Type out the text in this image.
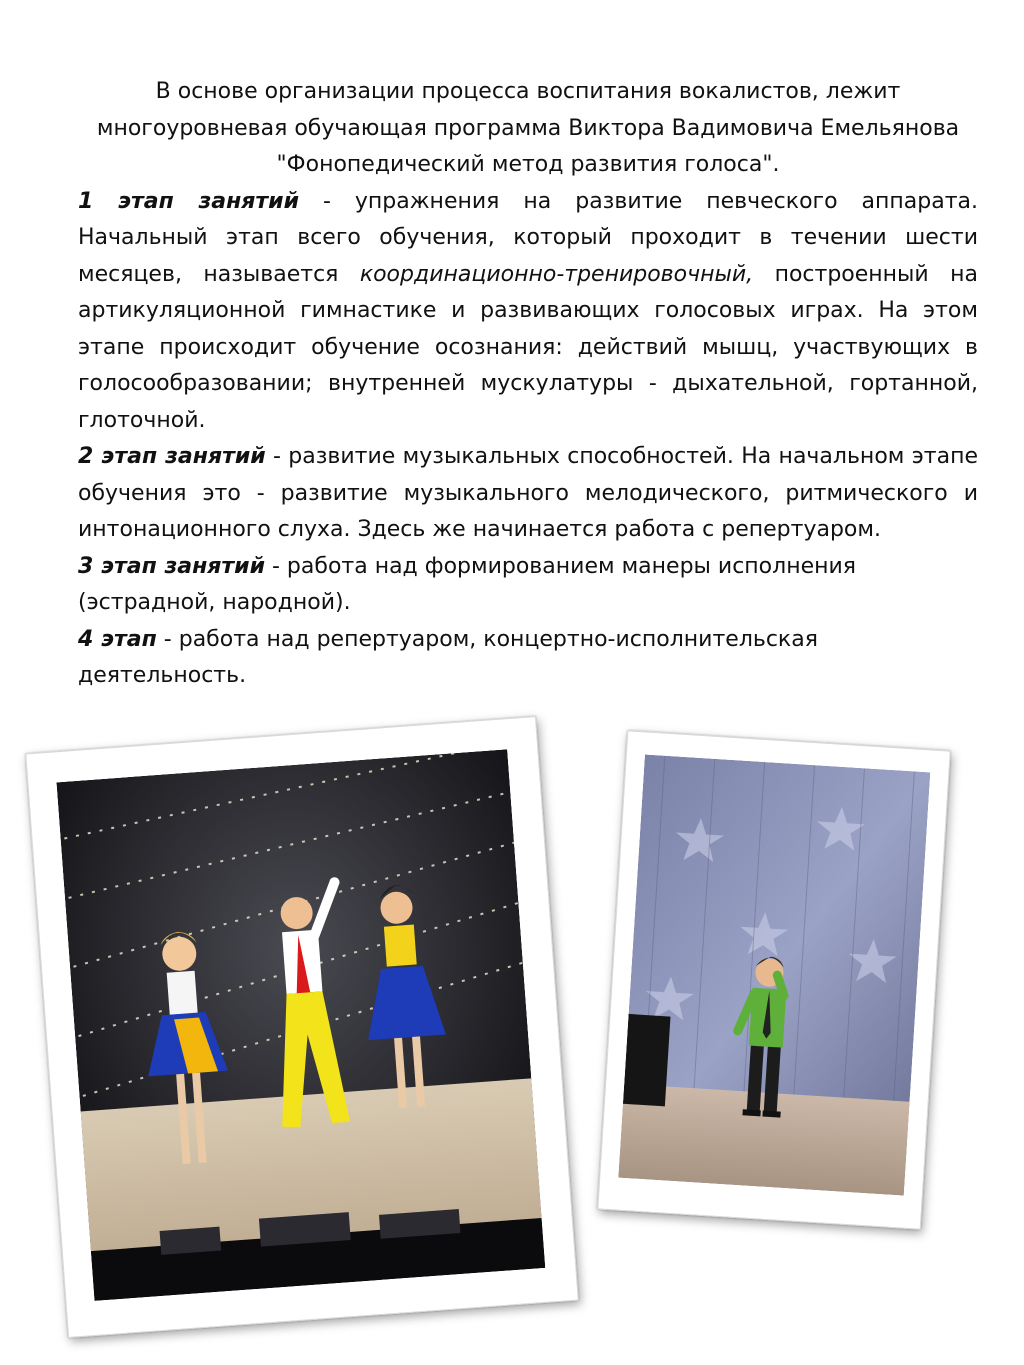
В основе организации процесса воспитания вокалистов, лежит многоуровневая обучающая программа Виктора Вадимовича Емельянова "Фонопедический метод развития голоса".
1 этап занятий - упражнения на развитие певческого аппарата. Начальный этап всего обучения, который проходит в течении шести месяцев, называется координационно-тренировочный, построенный на артикуляционной гимнастике и развивающих голосовых играх. На этом этапе происходит обучение осознания: действий мышц, участвующих в голосообразовании; внутренней мускулатуры - дыхательной, гортанной, глоточной.
2 этап занятий - развитие музыкальных способностей. На начальном этапе обучения это - развитие музыкального мелодического, ритмического и интонационного слуха. Здесь же начинается работа с репертуаром.
3 этап занятий - работа над формированием манеры исполнения (эстрадной, народной).
4 этап - работа над репертуаром, концертно-исполнительская деятельность.
